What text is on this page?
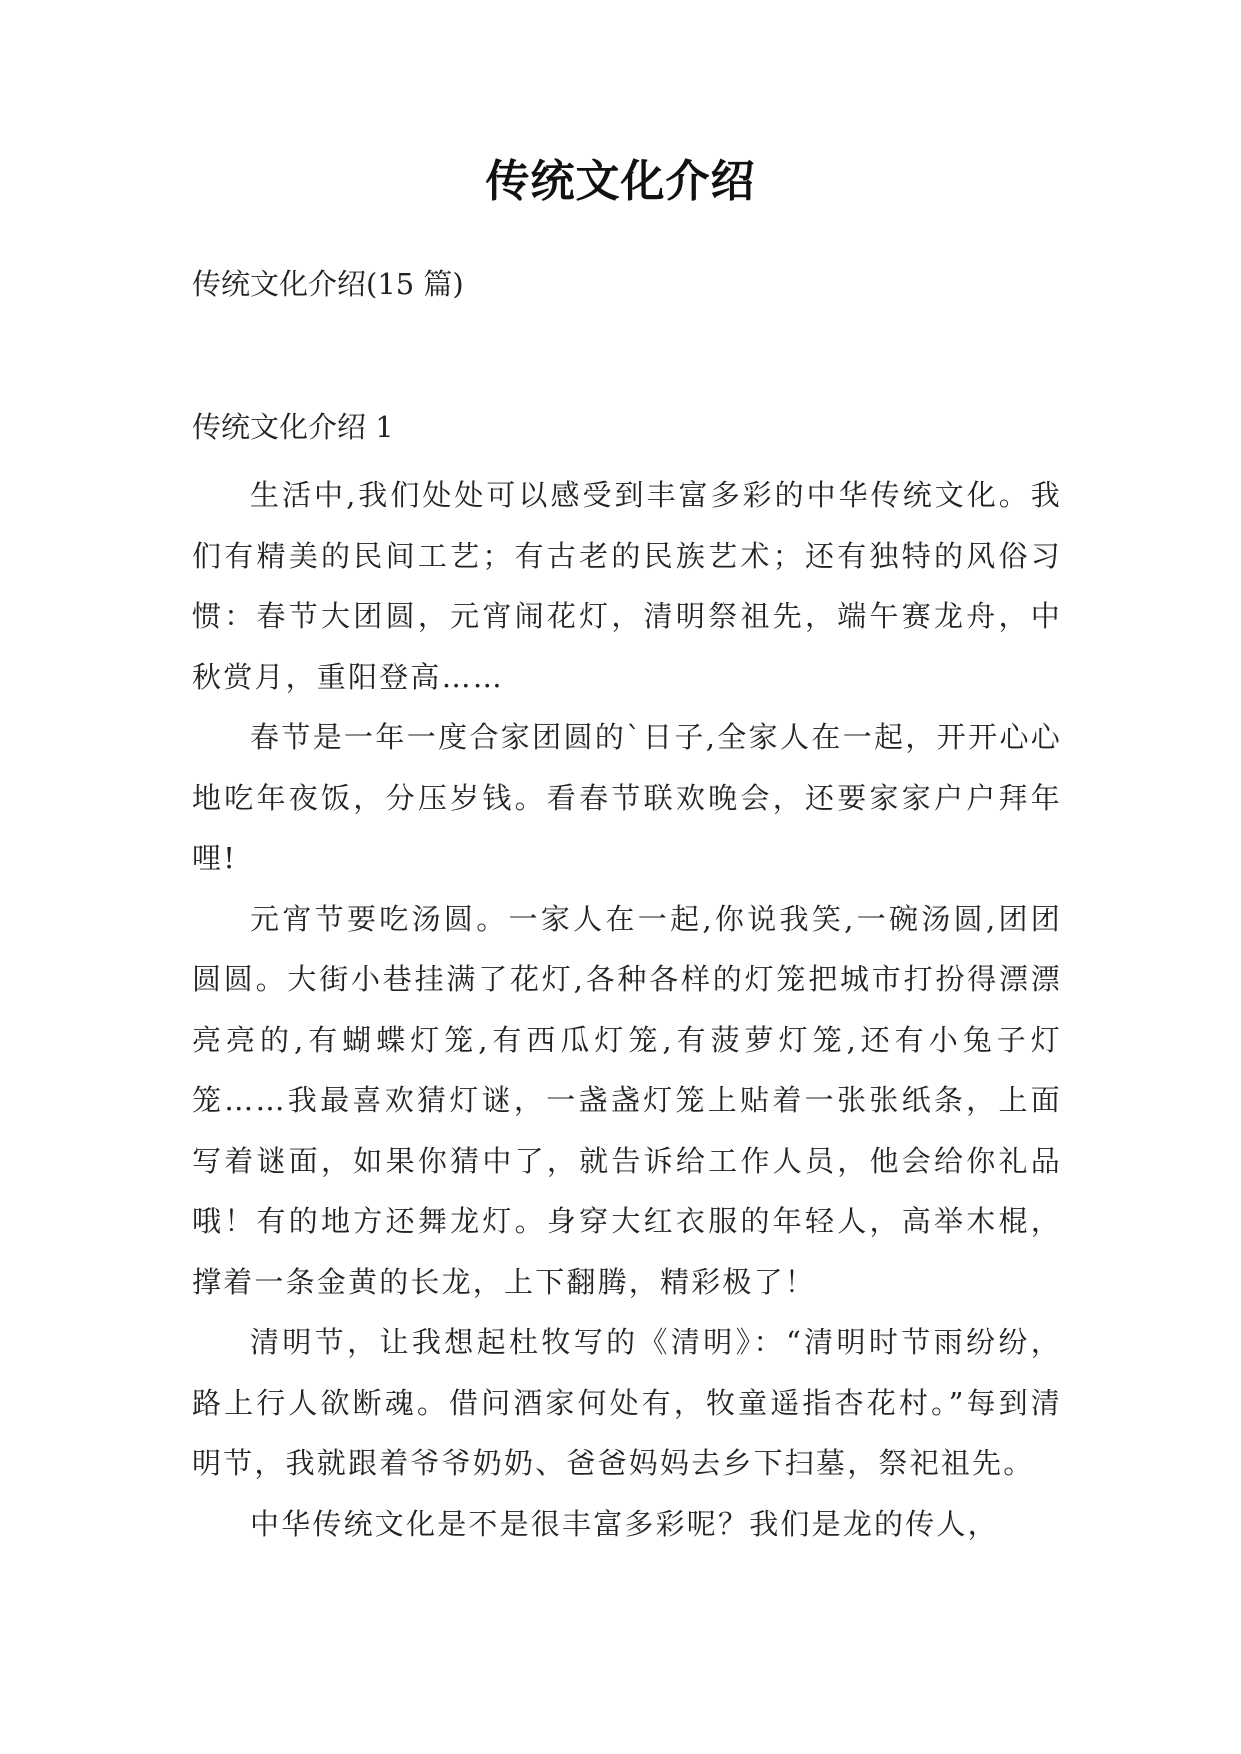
传统文化介绍
传统文化介绍(15 篇)
传统文化介绍 1

生活中,我们处处可以感受到丰富多彩的中华传统文化。我们有精美的民间工艺；有古老的民族艺术；还有独特的风俗习惯：春节大团圆，元宵闹花灯，清明祭祖先，端午赛龙舟，中秋赏月，重阳登高……

春节是一年一度合家团圆的`日子,全家人在一起，开开心心地吃年夜饭，分压岁钱。看春节联欢晚会，还要家家户户拜年哩!

元宵节要吃汤圆。一家人在一起,你说我笑,一碗汤圆,团团圆圆。大街小巷挂满了花灯,各种各样的灯笼把城市打扮得漂漂亮亮的,有蝴蝶灯笼,有西瓜灯笼,有菠萝灯笼,还有小兔子灯笼……我最喜欢猜灯谜，一盏盏灯笼上贴着一张张纸条，上面写着谜面，如果你猜中了，就告诉给工作人员，他会给你礼品哦！有的地方还舞龙灯。身穿大红衣服的年轻人，高举木棍，撑着一条金黄的长龙，上下翻腾，精彩极了！

清明节，让我想起杜牧写的《清明》：“清明时节雨纷纷，路上行人欲断魂。借问酒家何处有，牧童遥指杏花村。”每到清明节，我就跟着爷爷奶奶、爸爸妈妈去乡下扫墓，祭祀祖先。

中华传统文化是不是很丰富多彩呢？我们是龙的传人，
